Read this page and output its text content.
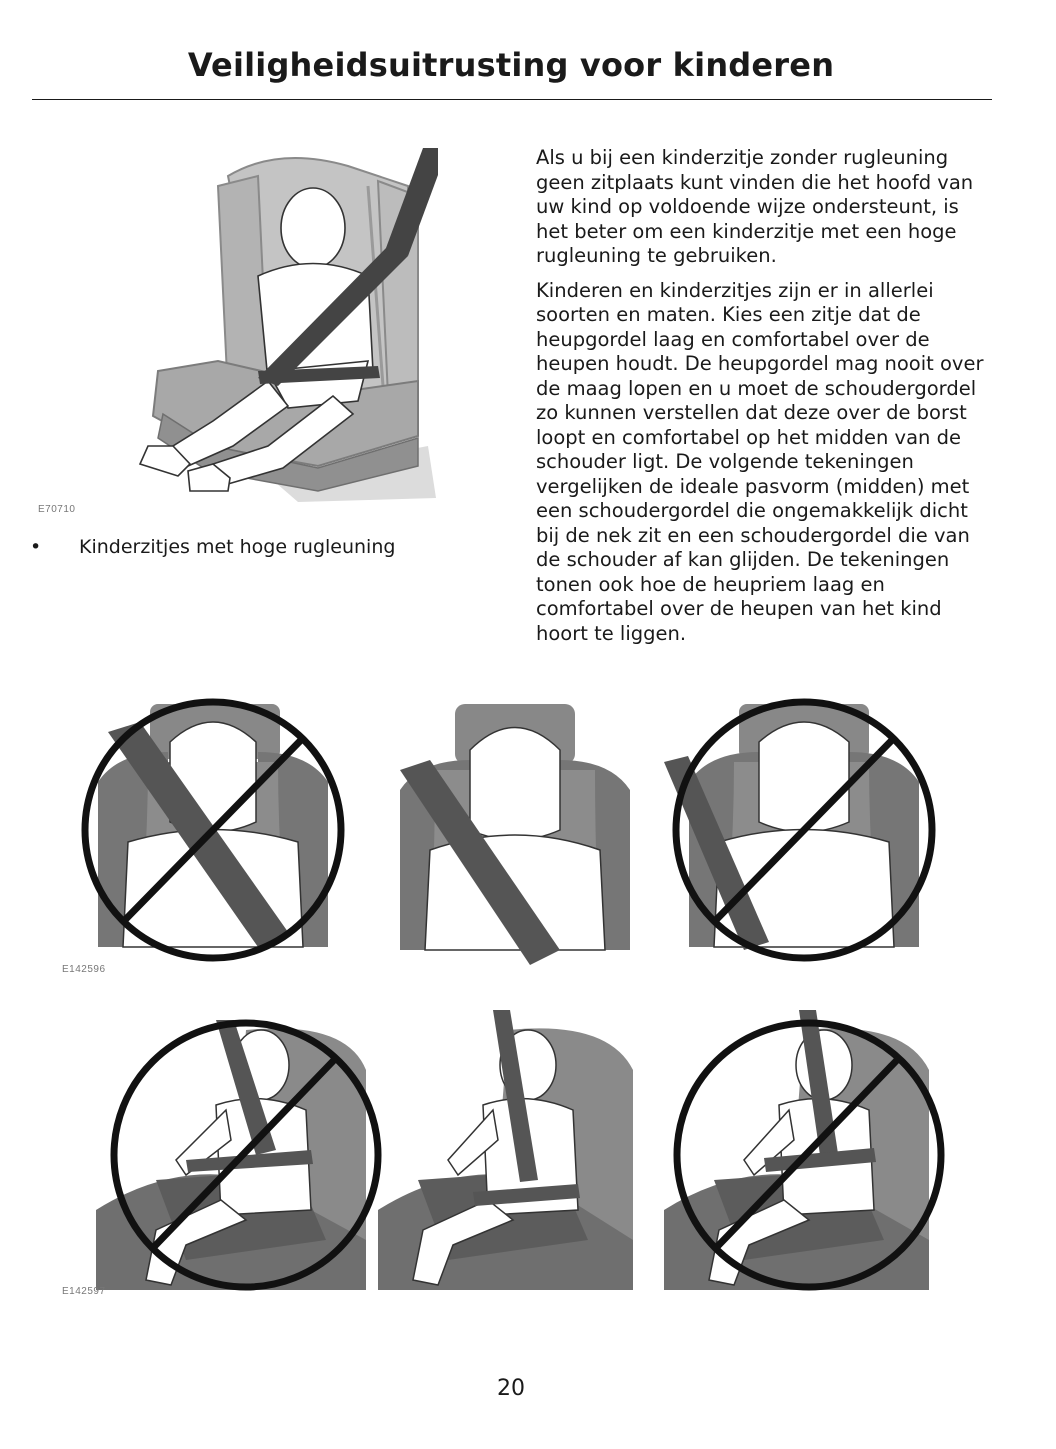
Veiligheidsuitrusting voor kinderen
E70710
• Kinderzitjes met hoge rugleuning

Als u bij een kinderzitje zonder rugleuning geen zitplaats kunt vinden die het hoofd van uw kind op voldoende wijze ondersteunt, is het beter om een kinderzitje met een hoge rugleuning te gebruiken.

Kinderen en kinderzitjes zijn er in allerlei soorten en maten. Kies een zitje dat de heupgordel laag en comfortabel over de heupen houdt. De heupgordel mag nooit over de maag lopen en u moet de schoudergordel zo kunnen verstellen dat deze over de borst loopt en comfortabel op het midden van de schouder ligt. De volgende tekeningen vergelijken de ideale pasvorm (midden) met een schoudergordel die ongemakkelijk dicht bij de nek zit en een schoudergordel die van de schouder af kan glijden. De tekeningen tonen ook hoe de heupriem laag en comfortabel over de heupen van het kind hoort te liggen.

E142596
E142597
20
